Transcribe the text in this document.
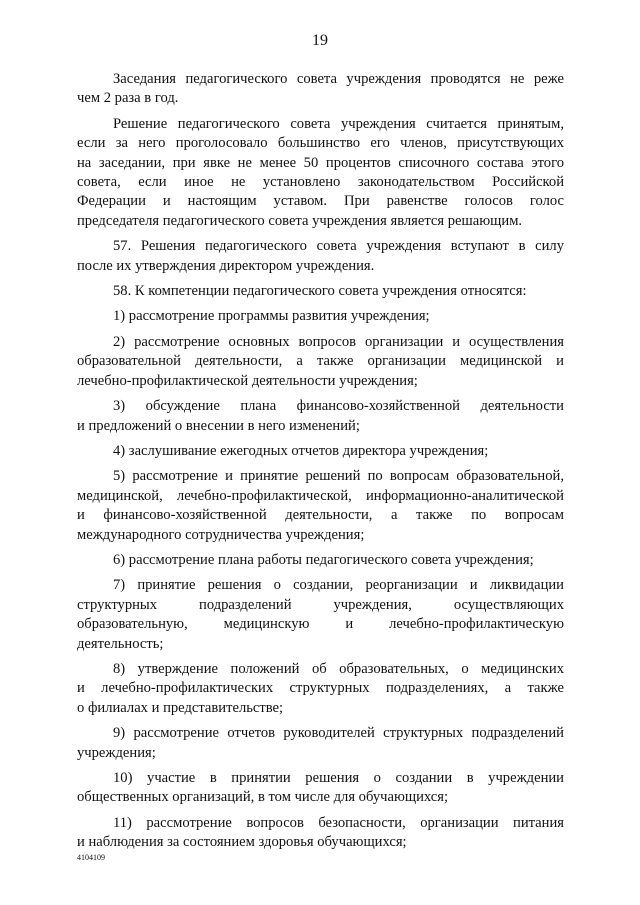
19
Заседания педагогического совета учреждения проводятся не реже
чем 2 раза в год.
Решение педагогического совета учреждения считается принятым,
если за него проголосовало большинство его членов, присутствующих
на заседании, при явке не менее 50 процентов списочного состава этого
совета, если иное не установлено законодательством Российской
Федерации и настоящим уставом. При равенстве голосов голос
председателя педагогического совета учреждения является решающим.
57. Решения педагогического совета учреждения вступают в силу
после их утверждения директором учреждения.
58. К компетенции педагогического совета учреждения относятся:
1) рассмотрение программы развития учреждения;
2) рассмотрение основных вопросов организации и осуществления
образовательной деятельности, а также организации медицинской и
лечебно-профилактической деятельности учреждения;
3) обсуждение плана финансово-хозяйственной деятельности
и предложений о внесении в него изменений;
4) заслушивание ежегодных отчетов директора учреждения;
5) рассмотрение и принятие решений по вопросам образовательной,
медицинской, лечебно-профилактической, информационно-аналитической
и финансово-хозяйственной деятельности, а также по вопросам
международного сотрудничества учреждения;
6) рассмотрение плана работы педагогического совета учреждения;
7) принятие решения о создании, реорганизации и ликвидации
структурных подразделений учреждения, осуществляющих
образовательную, медицинскую и лечебно-профилактическую
деятельность;
8) утверждение положений об образовательных, о медицинских
и лечебно-профилактических структурных подразделениях, а также
о филиалах и представительстве;
9) рассмотрение отчетов руководителей структурных подразделений
учреждения;
10) участие в принятии решения о создании в учреждении
общественных организаций, в том числе для обучающихся;
11) рассмотрение вопросов безопасности, организации питания
и наблюдения за состоянием здоровья обучающихся;
4104109
